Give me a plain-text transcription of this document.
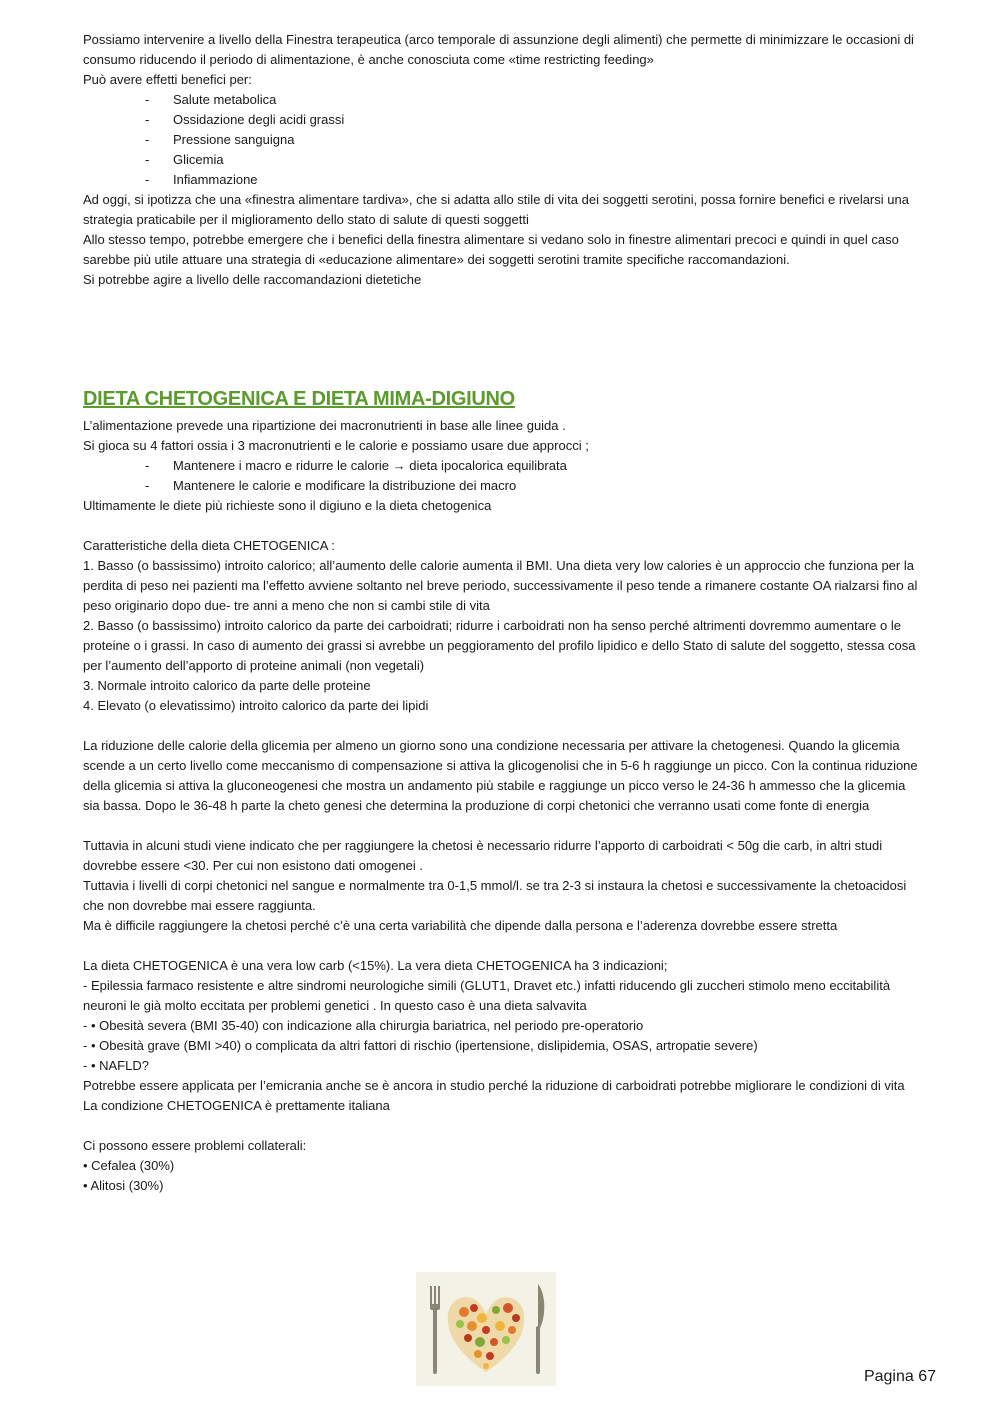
Possiamo intervenire a livello della Finestra terapeutica (arco temporale di assunzione degli alimenti) che permette di minimizzare le occasioni di consumo riducendo il periodo di alimentazione, è anche conosciuta come «time restricting feeding»

Può avere effetti benefici per:

-	Salute metabolica
-	Ossidazione degli acidi grassi
-	Pressione sanguigna
-	Glicemia
-	Infiammazione

Ad oggi, si ipotizza che una «finestra alimentare tardiva», che si adatta allo stile di vita dei soggetti serotini, possa fornire benefici e rivelarsi una strategia praticabile per il miglioramento dello stato di salute di questi soggetti

Allo stesso tempo, potrebbe emergere che i benefici della finestra alimentare si vedano solo in finestre alimentari precoci e quindi in quel caso sarebbe più utile attuare una strategia di «educazione alimentare» dei soggetti serotini tramite specifiche raccomandazioni.

Si potrebbe agire a livello delle raccomandazioni dietetiche

DIETA CHETOGENICA E DIETA MIMA-DIGIUNO

L’alimentazione prevede una ripartizione dei macronutrienti in base alle linee guida .

Si gioca su 4 fattori ossia i 3 macronutrienti e le calorie e possiamo usare due approcci ;

-	Mantenere i macro e ridurre le calorie → dieta ipocalorica equilibrata
-	Mantenere le calorie e modificare la distribuzione dei macro

Ultimamente le diete più richieste sono il digiuno e la dieta chetogenica

Caratteristiche della dieta CHETOGENICA :

1. Basso (o bassissimo) introito calorico; all’aumento delle calorie aumenta il BMI. Una dieta very low calories è un approccio che funziona per la perdita di peso nei pazienti ma l’effetto avviene soltanto nel breve periodo, successivamente il peso tende a rimanere costante OA rialzarsi fino al peso originario dopo due- tre anni a meno che non si cambi stile di vita

2. Basso (o bassissimo) introito calorico da parte dei carboidrati; ridurre i carboidrati non ha senso perché altrimenti dovremmo aumentare o le proteine o i grassi. In caso di aumento dei grassi si avrebbe un peggioramento del profilo lipidico e dello Stato di salute del soggetto, stessa cosa per l’aumento dell’apporto di proteine animali (non vegetali)

3. Normale introito calorico da parte delle proteine

4. Elevato (o elevatissimo) introito calorico da parte dei lipidi

La riduzione delle calorie della glicemia per almeno un giorno sono una condizione necessaria per attivare la chetogenesi. Quando la glicemia scende a un certo livello come meccanismo di compensazione si attiva la glicogenolisi che in 5-6 h raggiunge un picco. Con la continua riduzione della glicemia si attiva la gluconeogenesi che mostra un andamento più stabile e raggiunge un picco verso le 24-36 h ammesso che la glicemia sia bassa. Dopo le 36-48 h parte la cheto genesi che determina la produzione di corpi chetonici che verranno usati come fonte di energia

Tuttavia in alcuni studi viene indicato che per raggiungere la chetosi è necessario ridurre l’apporto di carboidrati < 50g die carb, in altri studi dovrebbe essere <30. Per cui non esistono dati omogenei .

Tuttavia i livelli di corpi chetonici nel sangue e normalmente tra 0-1,5 mmol/l. se tra 2-3 si instaura la chetosi e successivamente la chetoacidosi che non dovrebbe mai essere raggiunta.

Ma è difficile raggiungere la chetosi perché c’è una certa variabilità che dipende dalla persona e l’aderenza dovrebbe essere stretta

La dieta CHETOGENICA è una vera low carb (<15%). La vera dieta CHETOGENICA ha 3 indicazioni;

- Epilessia farmaco resistente e altre sindromi neurologiche simili (GLUT1, Dravet etc.) infatti riducendo gli zuccheri stimolo meno eccitabilità neuroni le già molto eccitata per problemi genetici . In questo caso è una dieta salvavita

- • Obesità severa (BMI 35-40) con indicazione alla chirurgia bariatrica, nel periodo pre-operatorio

- • Obesità grave (BMI >40) o complicata da altri fattori di rischio (ipertensione, dislipidemia, OSAS, artropatie severe)

- • NAFLD?

Potrebbe essere applicata per l’emicrania anche se è ancora in studio perché la riduzione di carboidrati potrebbe migliorare le condizioni di vita

La condizione CHETOGENICA è prettamente italiana

Ci possono essere problemi collaterali:

• Cefalea (30%)

• Alitosi (30%)

Pagina 67
